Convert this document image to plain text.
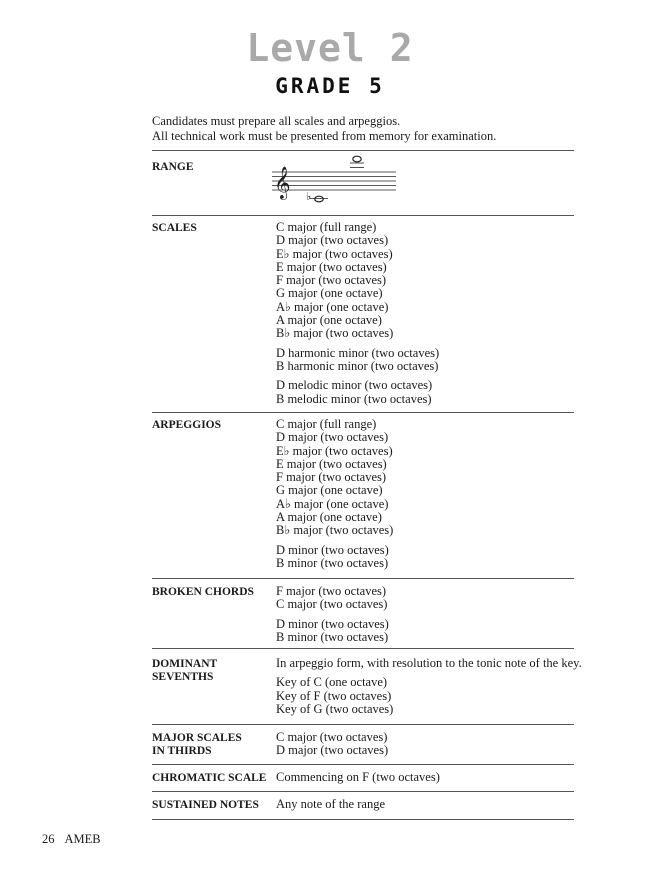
Level 2
GRADE 5
Candidates must prepare all scales and arpeggios.
All technical work must be presented from memory for examination.
𝄞 ♭
RANGE
SCALES	C major (full range)
D major (two octaves)
E♭ major (two octaves)
E major (two octaves)
F major (two octaves)
G major (one octave)
A♭ major (one octave)
A major (one octave)
B♭ major (two octaves)
D harmonic minor (two octaves)
B harmonic minor (two octaves)
D melodic minor (two octaves)
B melodic minor (two octaves)
ARPEGGIOS	C major (full range)
D major (two octaves)
E♭ major (two octaves)
E major (two octaves)
F major (two octaves)
G major (one octave)
A♭ major (one octave)
A major (one octave)
B♭ major (two octaves)
D minor (two octaves)
B minor (two octaves)
BROKEN CHORDS F major (two octaves)
C major (two octaves)
D minor (two octaves)
B minor (two octaves)
DOMINANT
SEVENTHS
In arpeggio form, with resolution to the tonic note of the key.
Key of C (one octave)
Key of F (two octaves)
Key of G (two octaves)
MAJOR SCALES
IN THIRDS
C major (two octaves)
D major (two octaves)
CHROMATIC SCALE Commencing on F (two octaves)
SUSTAINED NOTES Any note of the range
26 AMEB
